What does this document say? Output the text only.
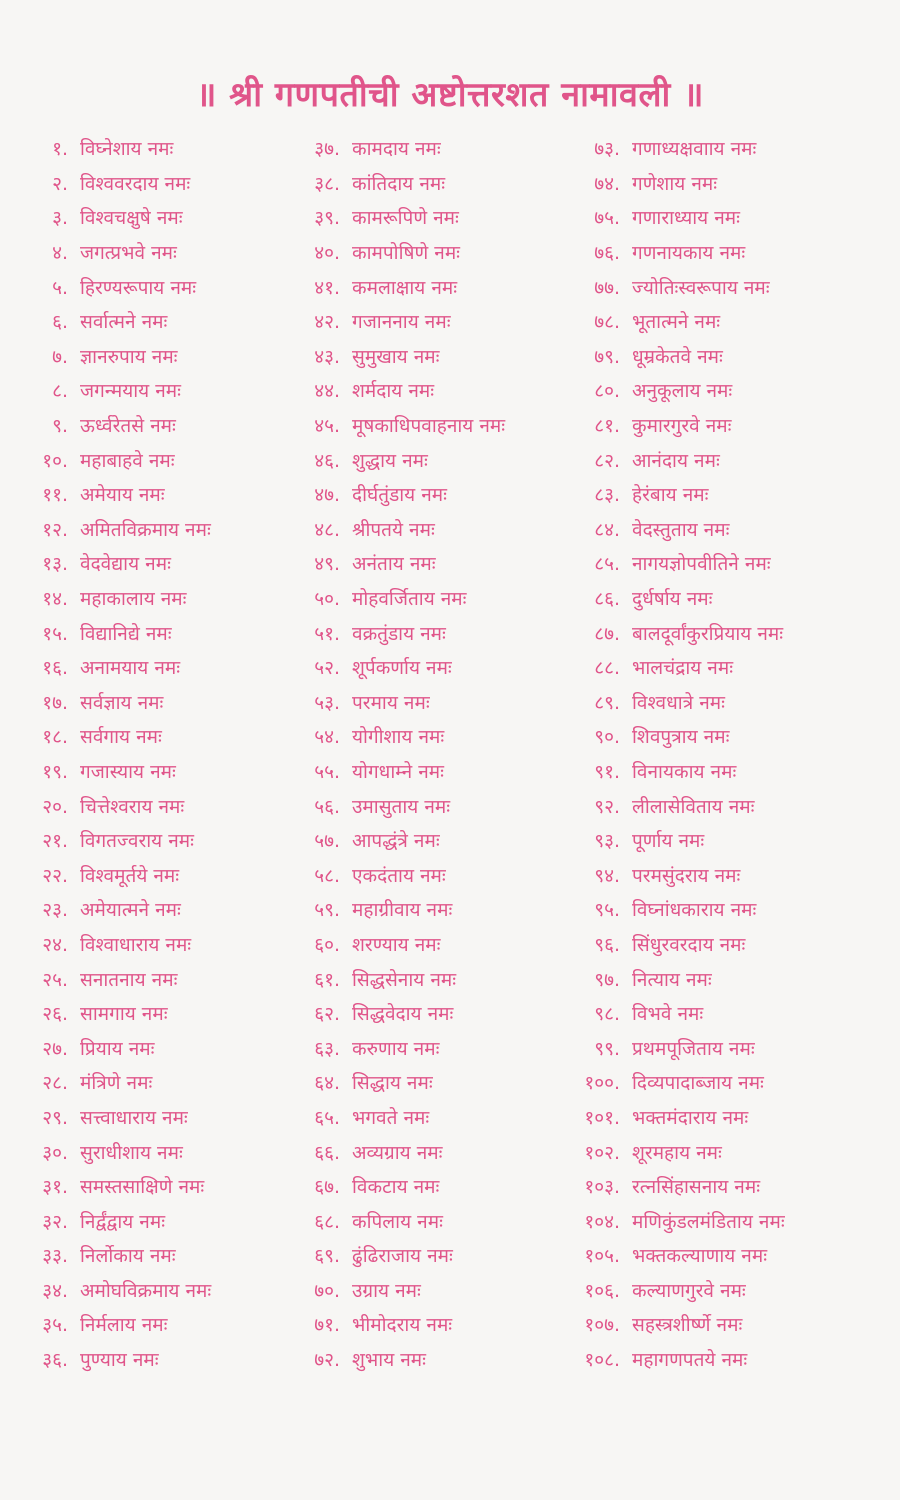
॥ श्री गणपतीची अष्टोत्तरशत नामावली ॥
१. विघ्नेशाय नमः
२. विश्ववरदाय नमः
३. विश्वचक्षुषे नमः
४. जगत्प्रभवे नमः
५. हिरण्यरूपाय नमः
६. सर्वात्मने नमः
७. ज्ञानरुपाय नमः
८. जगन्मयाय नमः
९. ऊर्ध्वरेतसे नमः
१०. महाबाहवे नमः
११. अमेयाय नमः
१२. अमितविक्रमाय नमः
१३. वेदवेद्याय नमः
१४. महाकालाय नमः
१५. विद्यानिद्ये नमः
१६. अनामयाय नमः
१७. सर्वज्ञाय नमः
१८. सर्वगाय नमः
१९. गजास्याय नमः
२०. चित्तेश्वराय नमः
२१. विगतज्वराय नमः
२२. विश्वमूर्तये नमः
२३. अमेयात्मने नमः
२४. विश्वाधाराय नमः
२५. सनातनाय नमः
२६. सामगाय नमः
२७. प्रियाय नमः
२८. मंत्रिणे नमः
२९. सत्त्वाधाराय नमः
३०. सुराधीशाय नमः
३१. समस्तसाक्षिणे नमः
३२. निर्द्वंद्वाय नमः
३३. निर्लोकाय नमः
३४. अमोघविक्रमाय नमः
३५. निर्मलाय नमः
३६. पुण्याय नमः
३७. कामदाय नमः
३८. कांतिदाय नमः
३९. कामरूपिणे नमः
४०. कामपोषिणे नमः
४१. कमलाक्षाय नमः
४२. गजाननाय नमः
४३. सुमुखाय नमः
४४. शर्मदाय नमः
४५. मूषकाधिपवाहनाय नमः
४६. शुद्धाय नमः
४७. दीर्घतुंडाय नमः
४८. श्रीपतये नमः
४९. अनंताय नमः
५०. मोहवर्जिताय नमः
५१. वक्रतुंडाय नमः
५२. शूर्पकर्णाय नमः
५३. परमाय नमः
५४. योगीशाय नमः
५५. योगधाम्ने नमः
५६. उमासुताय नमः
५७. आपद्धंत्रे नमः
५८. एकदंताय नमः
५९. महाग्रीवाय नमः
६०. शरण्याय नमः
६१. सिद्धसेनाय नमः
६२. सिद्धवेदाय नमः
६३. करुणाय नमः
६४. सिद्धाय नमः
६५. भगवते नमः
६६. अव्यग्राय नमः
६७. विकटाय नमः
६८. कपिलाय नमः
६९. ढुंढिराजाय नमः
७०. उग्राय नमः
७१. भीमोदराय नमः
७२. शुभाय नमः
७३. गणाध्यक्षवााय नमः
७४. गणेशाय नमः
७५. गणाराध्याय नमः
७६. गणनायकाय नमः
७७. ज्योतिःस्वरूपाय नमः
७८. भूतात्मने नमः
७९. धूम्रकेतवे नमः
८०. अनुकूलाय नमः
८१. कुमारगुरवे नमः
८२. आनंदाय नमः
८३. हेरंबाय नमः
८४. वेदस्तुताय नमः
८५. नागयज्ञोपवीतिने नमः
८६. दुर्धर्षाय नमः
८७. बालदूर्वांकुरप्रियाय नमः
८८. भालचंद्राय नमः
८९. विश्वधात्रे नमः
९०. शिवपुत्राय नमः
९१. विनायकाय नमः
९२. लीलासेविताय नमः
९३. पूर्णाय नमः
९४. परमसुंदराय नमः
९५. विघ्नांधकाराय नमः
९६. सिंधुरवरदाय नमः
९७. नित्याय नमः
९८. विभवे नमः
९९. प्रथमपूजिताय नमः
१००. दिव्यपादाब्जाय नमः
१०१. भक्तमंदाराय नमः
१०२. शूरमहाय नमः
१०३. रत्नसिंहासनाय नमः
१०४. मणिकुंडलमंडिताय नमः
१०५. भक्तकल्याणाय नमः
१०६. कल्याणगुरवे नमः
१०७. सहस्त्रशीर्ष्णे नमः
१०८. महागणपतये नमः
